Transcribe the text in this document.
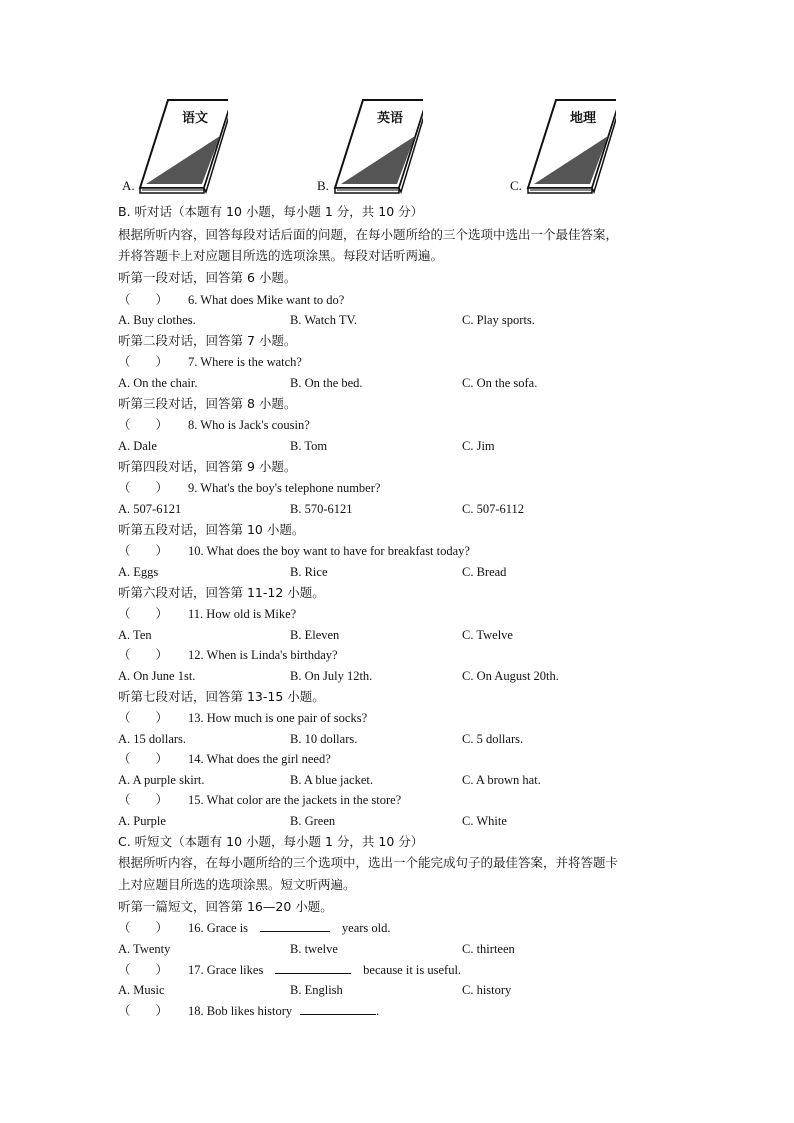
语文
A.
英语
B.
地理
C.
B. 听对话（本题有 10 小题，每小题 1 分，共 10 分）
根据所听内容，回答每段对话后面的问题，在每小题所给的三个选项中选出一个最佳答案，
并将答题卡上对应题目所选的选项涂黑。每段对话听两遍。
听第一段对话，回答第 6 小题。
（　　） 6. What does Mike want to do?
A. Buy clothes.	B. Watch TV.	C. Play sports.
听第二段对话，回答第 7 小题。
（　　） 7. Where is the watch?
A. On the chair.	B. On the bed.	C. On the sofa.
听第三段对话，回答第 8 小题。
（　　） 8. Who is Jack's cousin?
A. Dale	B. Tom	C. Jim
听第四段对话，回答第 9 小题。
（　　） 9. What's the boy's telephone number?
A. 507-6121	B. 570-6121	C. 507-6112
听第五段对话，回答第 10 小题。
（　　） 10. What does the boy want to have for breakfast today?
A. Eggs	B. Rice	C. Bread
听第六段对话，回答第 11-12 小题。
（　　） 11. How old is Mike?
A. Ten	B. Eleven	C. Twelve
（　　） 12. When is Linda's birthday?
A. On June 1st.	B. On July 12th.	C. On August 20th.
听第七段对话，回答第 13-15 小题。
（　　） 13. How much is one pair of socks?
A. 15 dollars.	B. 10 dollars.	C. 5 dollars.
（　　） 14. What does the girl need?
A. A purple skirt.	B. A blue jacket.	C. A brown hat.
（　　） 15. What color are the jackets in the store?
A. Purple	B. Green	C. White
C. 听短文（本题有 10 小题，每小题 1 分，共 10 分）
根据所听内容，在每小题所给的三个选项中，选出一个能完成句子的最佳答案，并将答题卡
上对应题目所选的选项涂黑。短文听两遍。
听第一篇短文，回答第 16—20 小题。
（　　） 16. Grace is	years old.
A. Twenty	B. twelve	C. thirteen
（　　） 17. Grace likes	because it is useful.
A. Music	B. English	C. history
（　　） 18. Bob likes history	.
